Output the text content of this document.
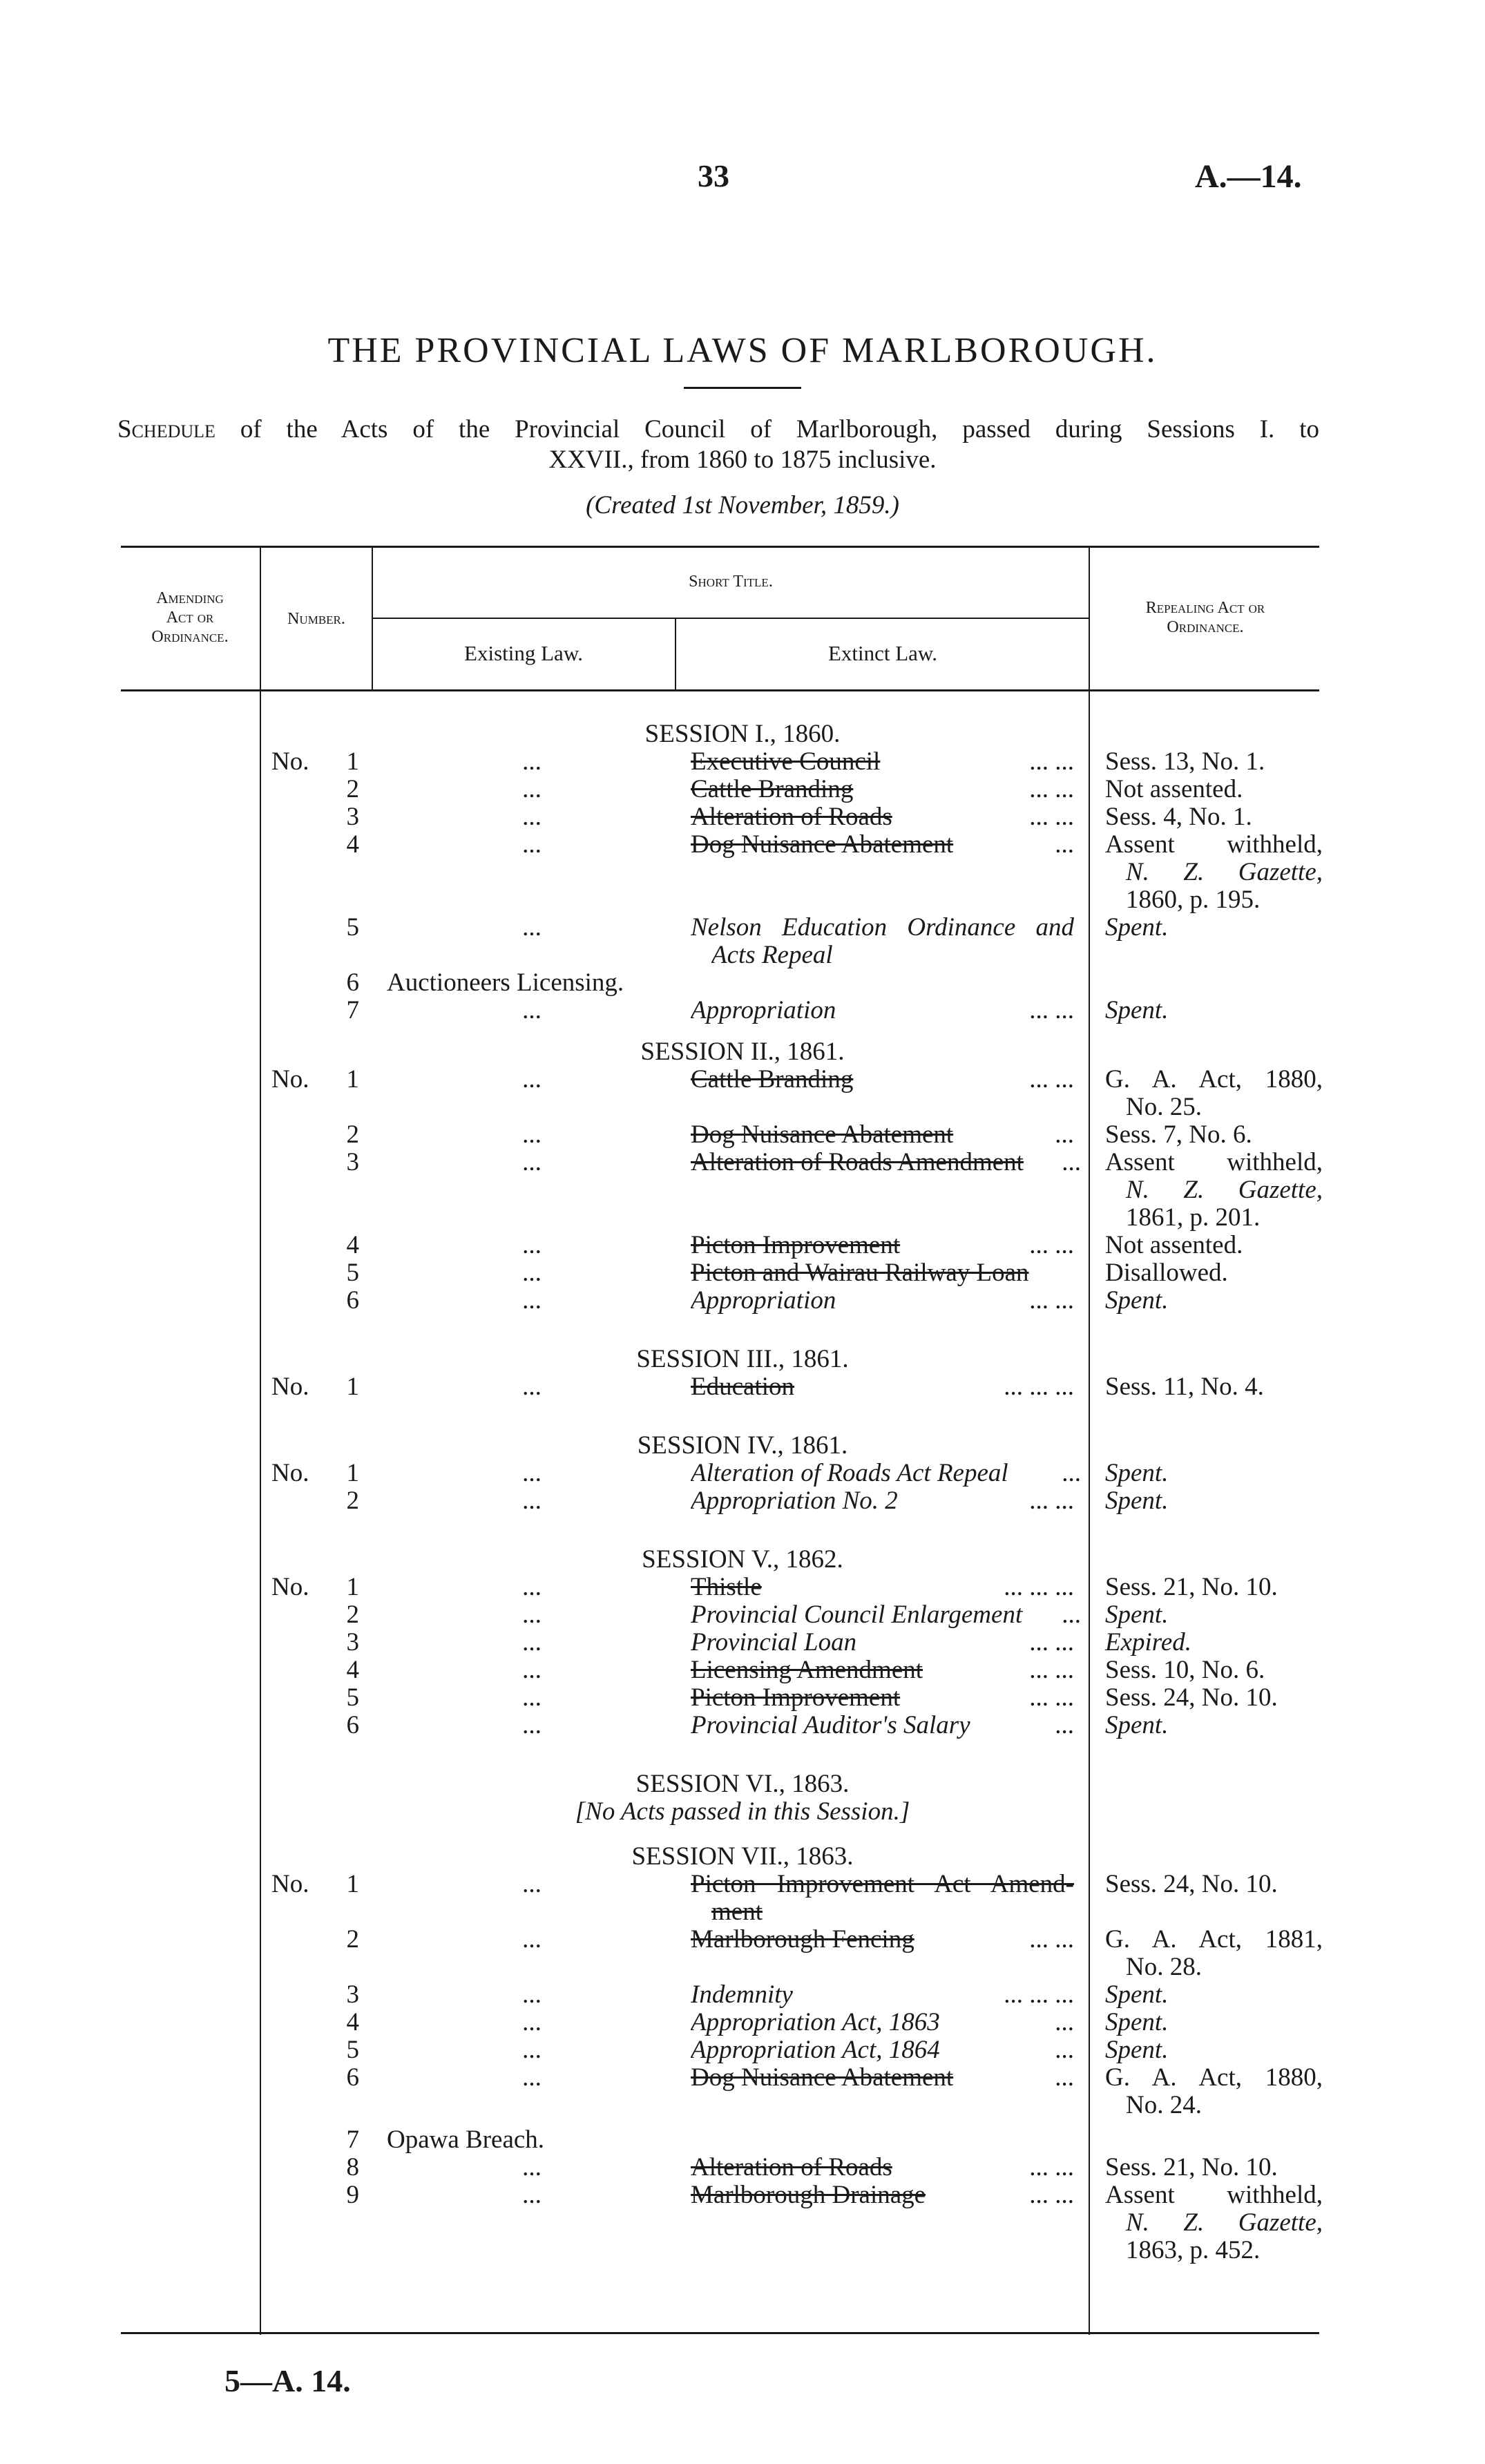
33	A.—14.
THE PROVINCIAL LAWS OF MARLBOROUGH.
Schedule of the Acts of the Provincial Council of Marlborough, passed during Sessions I. to
XXVII., from 1860 to 1875 inclusive.
(Created 1st November, 1859.)
Amending
Act or
Ordinance.
Number.
Short Title.
Existing Law.	Extinct Law.
Repealing Act or
Ordinance.
SESSION I., 1860.
No.	1	...	Executive Council	... ... Sess. 13, No. 1.
2	...	Cattle Branding	... ... Not assented.
3	...	Alteration of Roads	... ... Sess. 4, No. 1.
4	...	Dog Nuisance Abatement	... Assent withheld,
N. Z. Gazette,
1860, p. 195.
5	...	Nelson Education Ordinance and Spent.
Acts Repeal
6 Auctioneers Licensing.
7	...	Appropriation	... ... Spent.
SESSION II., 1861.
No.	1	...	Cattle Branding	... ... G. A. Act, 1880,
No. 25.
2	...	Dog Nuisance Abatement	... Sess. 7, No. 6.
3	...	Alteration of Roads Amendment	... Assent withheld,
N. Z. Gazette,
1861, p. 201.
4	...	Picton Improvement	... ... Not assented.
5	...	Picton and Wairau Railway Loan	Disallowed.
6	...	Appropriation	... ... Spent.
SESSION III., 1861.
No.	1	...	Education	... ... ... Sess. 11, No. 4.
SESSION IV., 1861.
No.	1	...	Alteration of Roads Act Repeal	... Spent.
2	...	Appropriation No. 2	... ... Spent.
SESSION V., 1862.
No.	1	...	Thistle	... ... ... Sess. 21, No. 10.
2	...	Provincial Council Enlargement	... Spent.
3	...	Provincial Loan	... ... Expired.
4	...	Licensing Amendment	... ... Sess. 10, No. 6.
5	...	Picton Improvement	... ... Sess. 24, No. 10.
6	...	Provincial Auditor's Salary	... Spent.
SESSION VI., 1863.
[No Acts passed in this Session.]
SESSION VII., 1863.
No.	1	...	Picton Improvement Act Amend- Sess. 24, No. 10.
ment
2	...	Marlborough Fencing	... ... G. A. Act, 1881,
No. 28.
3	...	Indemnity	... ... ... Spent.
4	...	Appropriation Act, 1863	... Spent.
5	...	Appropriation Act, 1864	... Spent.
6	...	Dog Nuisance Abatement	... G. A. Act, 1880,
No. 24.
7 Opawa Breach.
8	...	Alteration of Roads	... ... Sess. 21, No. 10.
9	...	Marlborough Drainage	... ... Assent withheld,
N. Z. Gazette,
1863, p. 452.
5—A. 14.
